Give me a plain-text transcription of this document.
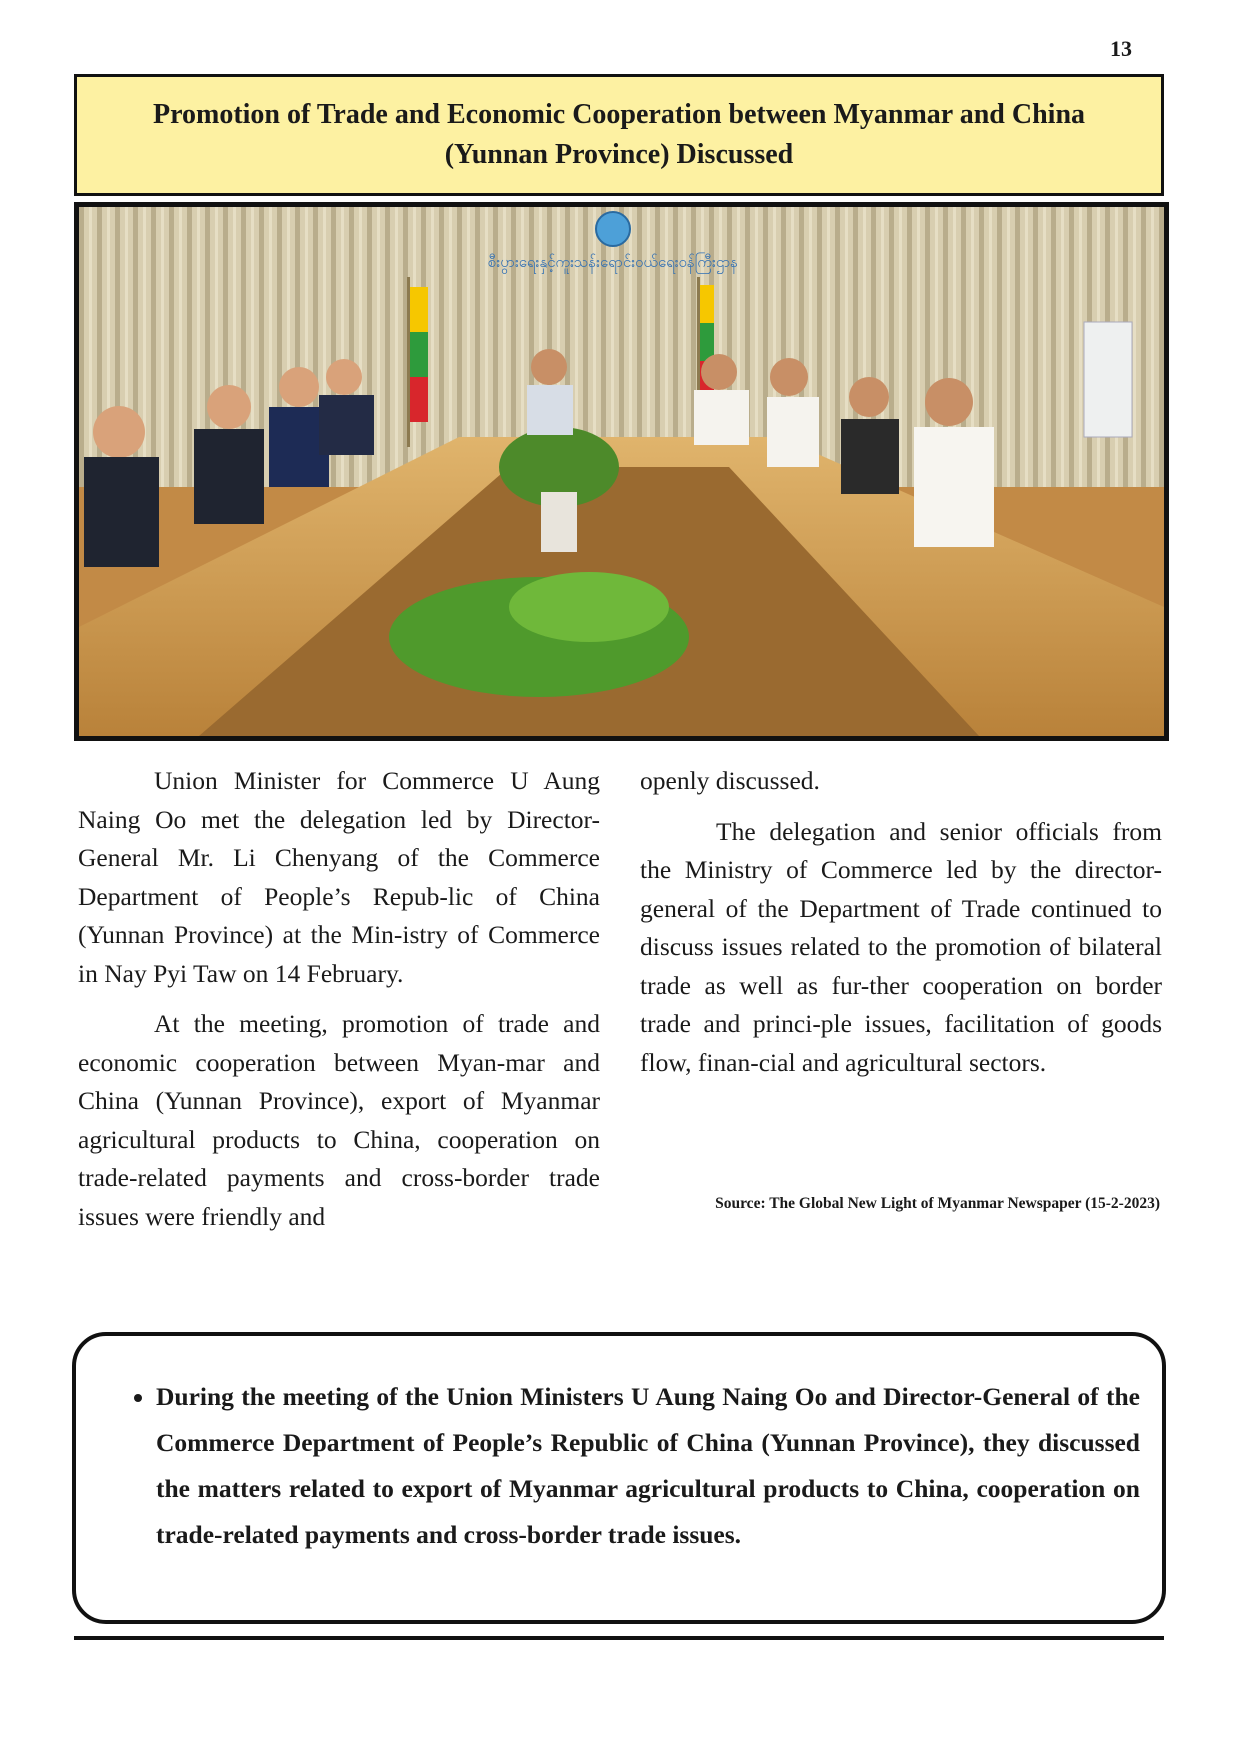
13
Promotion of Trade and Economic Cooperation between Myanmar and China
(Yunnan Province) Discussed
စီးပွားရေးနှင့်ကူးသန်းရောင်းဝယ်ရေးဝန်ကြီးဌာန

Union Minister for Commerce U Aung Naing Oo met the delegation led by Director-General Mr. Li Chenyang of the Commerce Department of People’s Repub-lic of China (Yunnan Province) at the Min-istry of Commerce in Nay Pyi Taw on 14 February.

At the meeting, promotion of trade and economic cooperation between Myan-mar and China (Yunnan Province), export of Myanmar agricultural products to China, cooperation on trade-related payments and cross-border trade issues were friendly and

openly discussed.

The delegation and senior officials from the Ministry of Commerce led by the director-general of the Department of Trade continued to discuss issues related to the promotion of bilateral trade as well as fur-ther cooperation on border trade and princi-ple issues, facilitation of goods flow, finan-cial and agricultural sectors.

Source: The Global New Light of Myanmar Newspaper (15-2-2023)
• During the meeting of the Union Ministers U Aung Naing Oo and Director-General of the Commerce Department of People’s Republic of China (Yunnan Province), they discussed the matters related to export of Myanmar agricultural products to China, cooperation on trade-related payments and cross-border trade issues.
